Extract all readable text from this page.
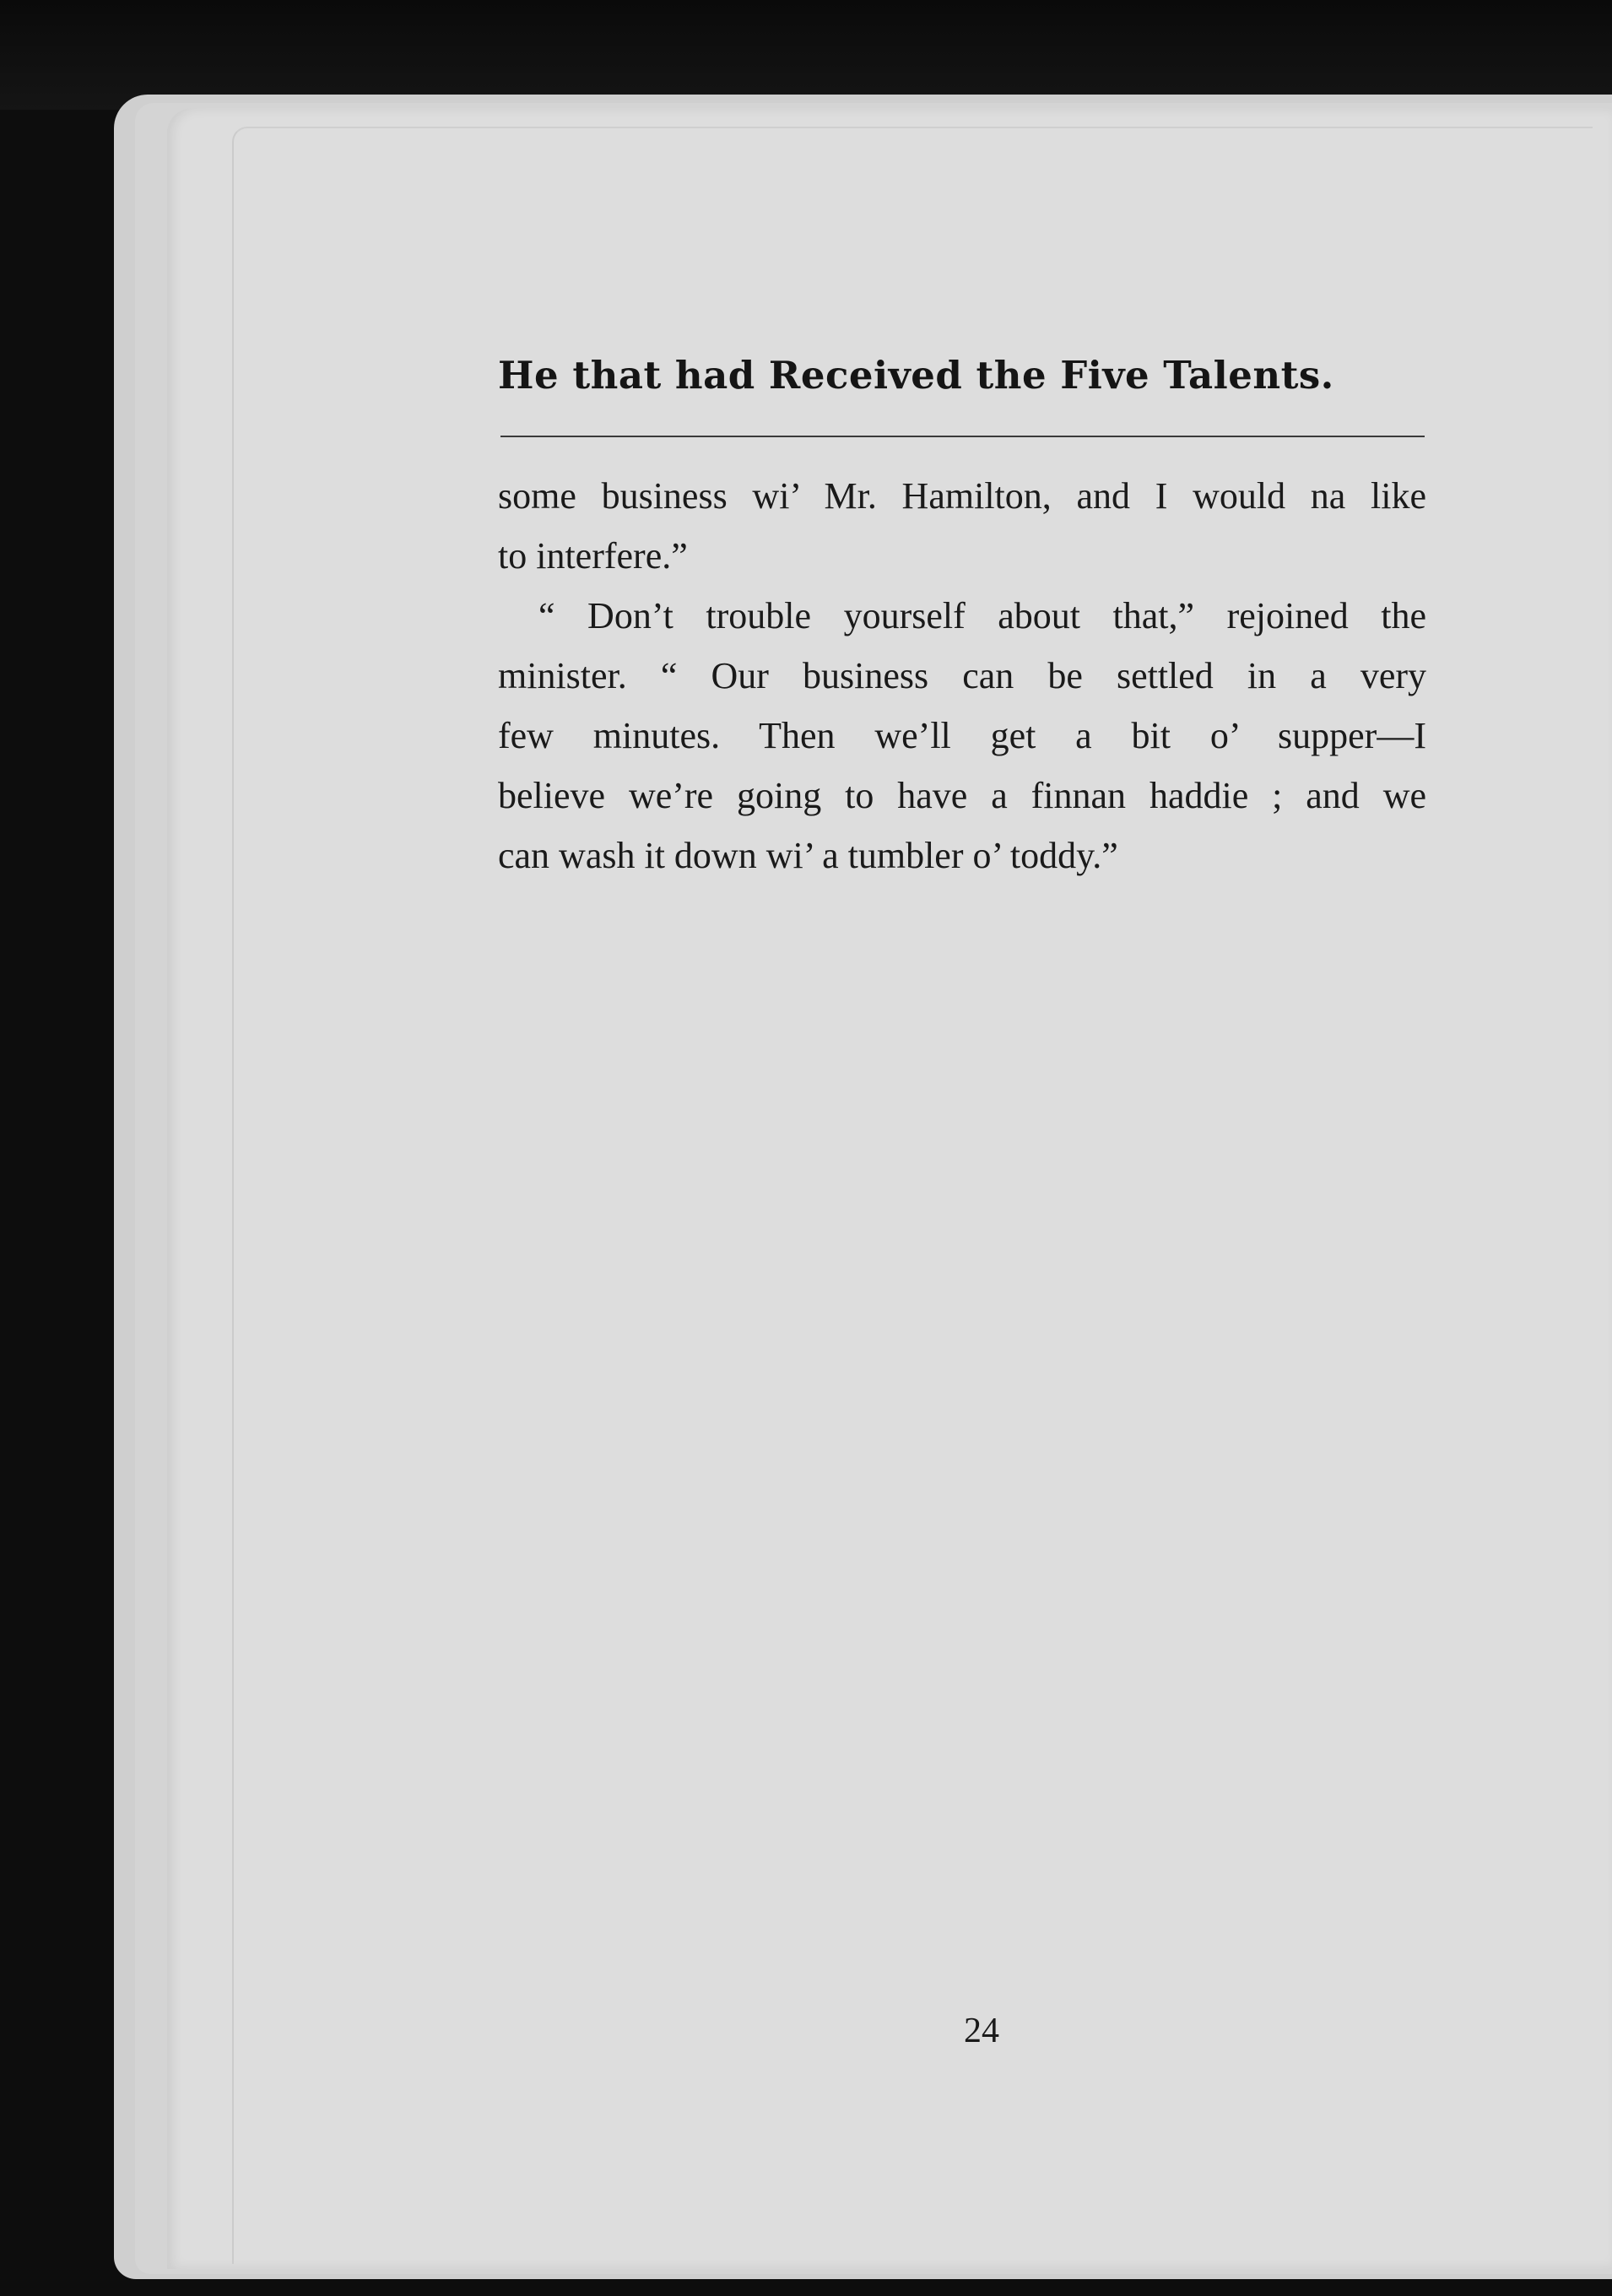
He that had Received the Five Talents.
some business wi’ Mr. Hamilton, and I would na like
to interfere.”
“ Don’t trouble yourself about that,” rejoined the
minister. “ Our business can be settled in a very
few minutes. Then we’ll get a bit o’ supper—I
believe we’re going to have a finnan haddie ; and we
can wash it down wi’ a tumbler o’ toddy.”
24
